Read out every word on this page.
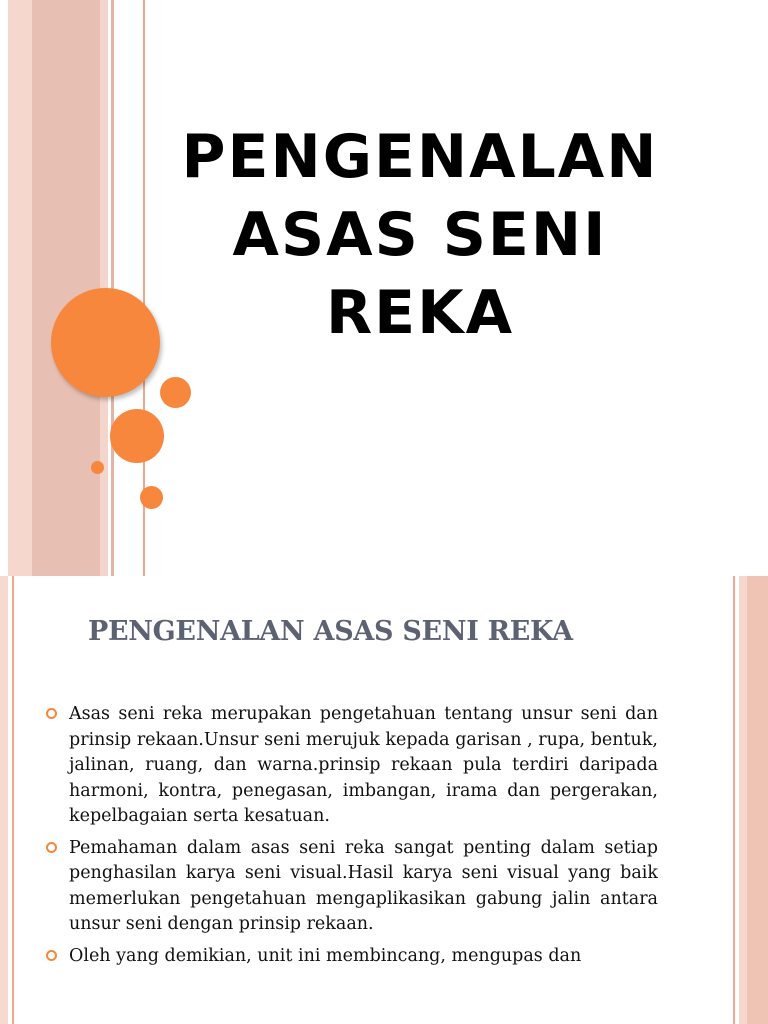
PENGENALAN
ASAS SENI
REKA
PENGENALAN ASAS SENI REKA
Asas seni reka merupakan pengetahuan tentang unsur seni dan prinsip rekaan.Unsur seni merujuk kepada garisan , rupa, bentuk, jalinan, ruang, dan warna.prinsip rekaan pula terdiri daripada harmoni, kontra, penegasan, imbangan, irama dan pergerakan, kepelbagaian serta kesatuan.
Pemahaman dalam asas seni reka sangat penting dalam setiap penghasilan karya seni visual.Hasil karya seni visual yang baik memerlukan pengetahuan mengaplikasikan gabung jalin antara unsur seni dengan prinsip rekaan.
Oleh yang demikian, unit ini membincang, mengupas dan
